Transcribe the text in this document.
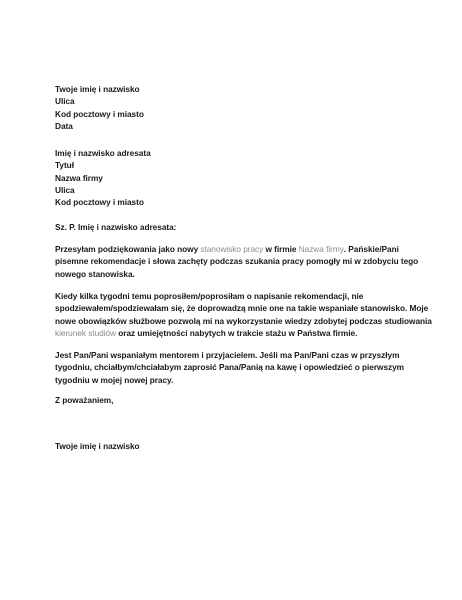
Twoje imię i nazwisko
Ulica
Kod pocztowy i miasto
Data
Imię i nazwisko adresata
Tytuł
Nazwa firmy
Ulica
Kod pocztowy i miasto
Sz. P. Imię i nazwisko adresata:
Przesyłam podziękowania jako nowy stanowisko pracy w firmie Nazwa firmy. Pańskie/Pani
pisemne rekomendacje i słowa zachęty podczas szukania pracy pomogły mi w zdobyciu tego
nowego stanowiska.
Kiedy kilka tygodni temu poprosiłem/poprosiłam o napisanie rekomendacji, nie
spodziewałem/spodziewałam się, że doprowadzą mnie one na takie wspaniałe stanowisko. Moje
nowe obowiązków służbowe pozwolą mi na wykorzystanie wiedzy zdobytej podczas studiowania
kierunek studiów oraz umiejętności nabytych w trakcie stażu w Państwa firmie.
Jest Pan/Pani wspaniałym mentorem i przyjacielem. Jeśli ma Pan/Pani czas w przyszłym
tygodniu, chciałbym/chciałabym zaprosić Pana/Panią na kawę i opowiedzieć o pierwszym
tygodniu w mojej nowej pracy.
Z poważaniem,
Twoje imię i nazwisko
